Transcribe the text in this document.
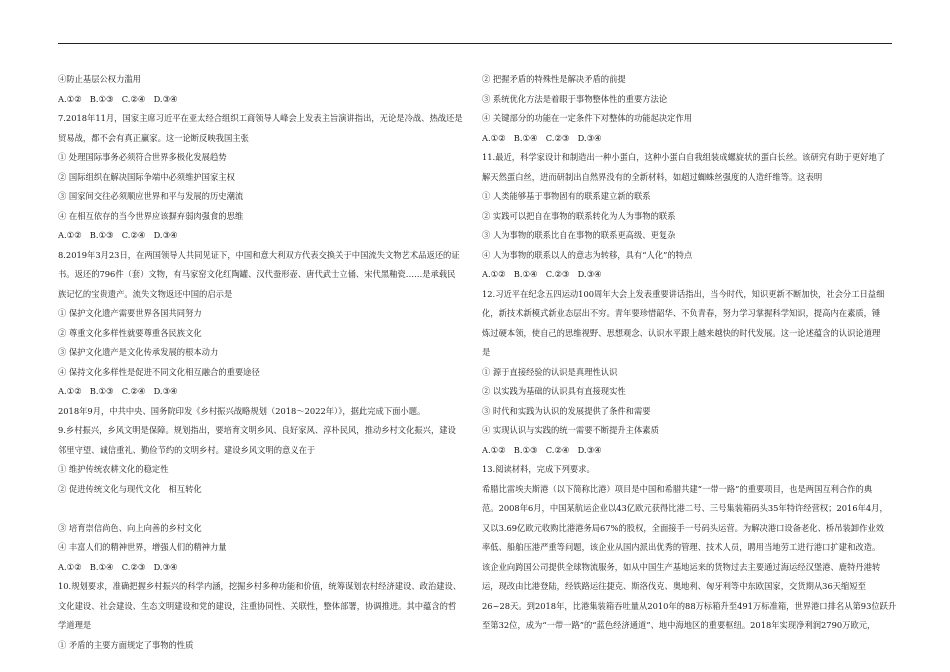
④防止基层公权力滥用
A.①②　B.①③　C.②④　D.③④
7.2018年11月，国家主席习近平在亚太经合组织工商领导人峰会上发表主旨演讲指出，无论是冷战、热战还是
贸易战，都不会有真正赢家。这一论断反映我国主张
① 处理国际事务必须符合世界多极化发展趋势
② 国际组织在解决国际争端中必须维护国家主权
③ 国家间交往必须顺应世界和平与发展的历史潮流
④ 在相互依存的当今世界应该摒弃弱肉强食的思维
A.①②　B.①③　C.②④　D.③④
8.2019年3月23日，在两国领导人共同见证下，中国和意大利双方代表交换关于中国流失文物艺术品返还的证
书。返还的796件（套）文物，有马家窑文化红陶罐、汉代蚕形壶、唐代武士立俑、宋代黑釉瓷……是承载民
族记忆的宝贵遗产。流失文物返还中国的启示是
① 保护文化遗产需要世界各国共同努力
② 尊重文化多样性就要尊重各民族文化
③ 保护文化遗产是文化传承发展的根本动力
④ 保持文化多样性是促进不同文化相互融合的重要途径
A.①②　B.①③　C.②④　D.③④
2018年9月，中共中央、国务院印发《乡村振兴战略规划（2018～2022年）》，据此完成下面小题。
9.乡村振兴，乡风文明是保障。规划指出，要培育文明乡风、良好家风、淳朴民风，推动乡村文化振兴，建设
邻里守望、诚信重礼、勤俭节约的文明乡村。建设乡风文明的意义在于
① 维护传统农耕文化的稳定性
② 促进传统文化与现代文化　相互转化
③ 培育崇信尚色、向上向善的乡村文化
④ 丰富人们的精神世界，增强人们的精神力量
A.①②　B.①④　C.②③　D.③④
10.规划要求，准确把握乡村振兴的科学内涵，挖掘乡村多种功能和价值，统筹谋划农村经济建设、政治建设、
文化建设、社会建设、生态文明建设和党的建设，注重协同性、关联性，整体部署，协调推进。其中蕴含的哲
学道理是
① 矛盾的主要方面规定了事物的性质
② 把握矛盾的特殊性是解决矛盾的前提
③ 系统优化方法是着眼于事物整体性的重要方法论
④ 关键部分的功能在一定条件下对整体的功能起决定作用
A.①②　B.①④　C.②③　D.③④
11.最近，科学家设计和制造出一种小蛋白，这种小蛋白自我组装成螺旋状的蛋白长丝。该研究有助于更好地了
解天然蛋白丝，进而研制出自然界没有的全新材料，如超过蜘蛛丝强度的人造纤维等。这表明
① 人类能够基于事物固有的联系建立新的联系
② 实践可以把自在事物的联系转化为人为事物的联系
③ 人为事物的联系比自在事物的联系更高级、更复杂
④ 人为事物的联系以人的意志为转移，具有“人化”的特点
A.①②　B.①④　C.②③　D.③④
12.习近平在纪念五四运动100周年大会上发表重要讲话指出，当今时代，知识更新不断加快，社会分工日益细
化，新技术新模式新业态层出不穷。青年要珍惜韶华、不负青春，努力学习掌握科学知识，提高内在素质，锤
炼过硬本领，使自己的思维视野、思想观念、认识水平跟上越来越快的时代发展。这一论述蕴含的认识论道理
是
① 源于直接经验的认识是真理性认识
② 以实践为基础的认识具有直接现实性
③ 时代和实践为认识的发展提供了条件和需要
④ 实现认识与实践的统一需要不断提升主体素质
A.①②　B.①③　C.②④　D.③④
13.阅读材料，完成下列要求。
希腊比雷埃夫斯港（以下简称比港）项目是中国和希腊共建“一带一路”的重要项目，也是两国互利合作的典
范。2008年6月，中国某航运企业以43亿欧元获得比港二号、三号集装箱码头35年特许经营权；2016年4月，
又以3.69亿欧元收购比港港务局67%的股权，全面接手一号码头运营。为解决港口设备老化、桥吊装卸作业效
率低、船舶压港严重等问题，该企业从国内派出优秀的管理、技术人员，聘用当地劳工进行港口扩建和改造。
该企业向跨国公司提供全球物流服务，如从中国生产基地运来的货物过去主要通过海运经汉堡港、鹿特丹港转
运，现改由比港登陆，经铁路运往捷克、斯洛伐克、奥地利、匈牙利等中东欧国家，交货期从36天缩短至
26~28天。到2018年，比港集装箱吞吐量从2010年的88万标箱升至491万标准箱，世界港口排名从第93位跃升
至第32位，成为“一带一路”的“蓝色经济通道”、地中海地区的重要枢纽。2018年实现净利润2790万欧元，
